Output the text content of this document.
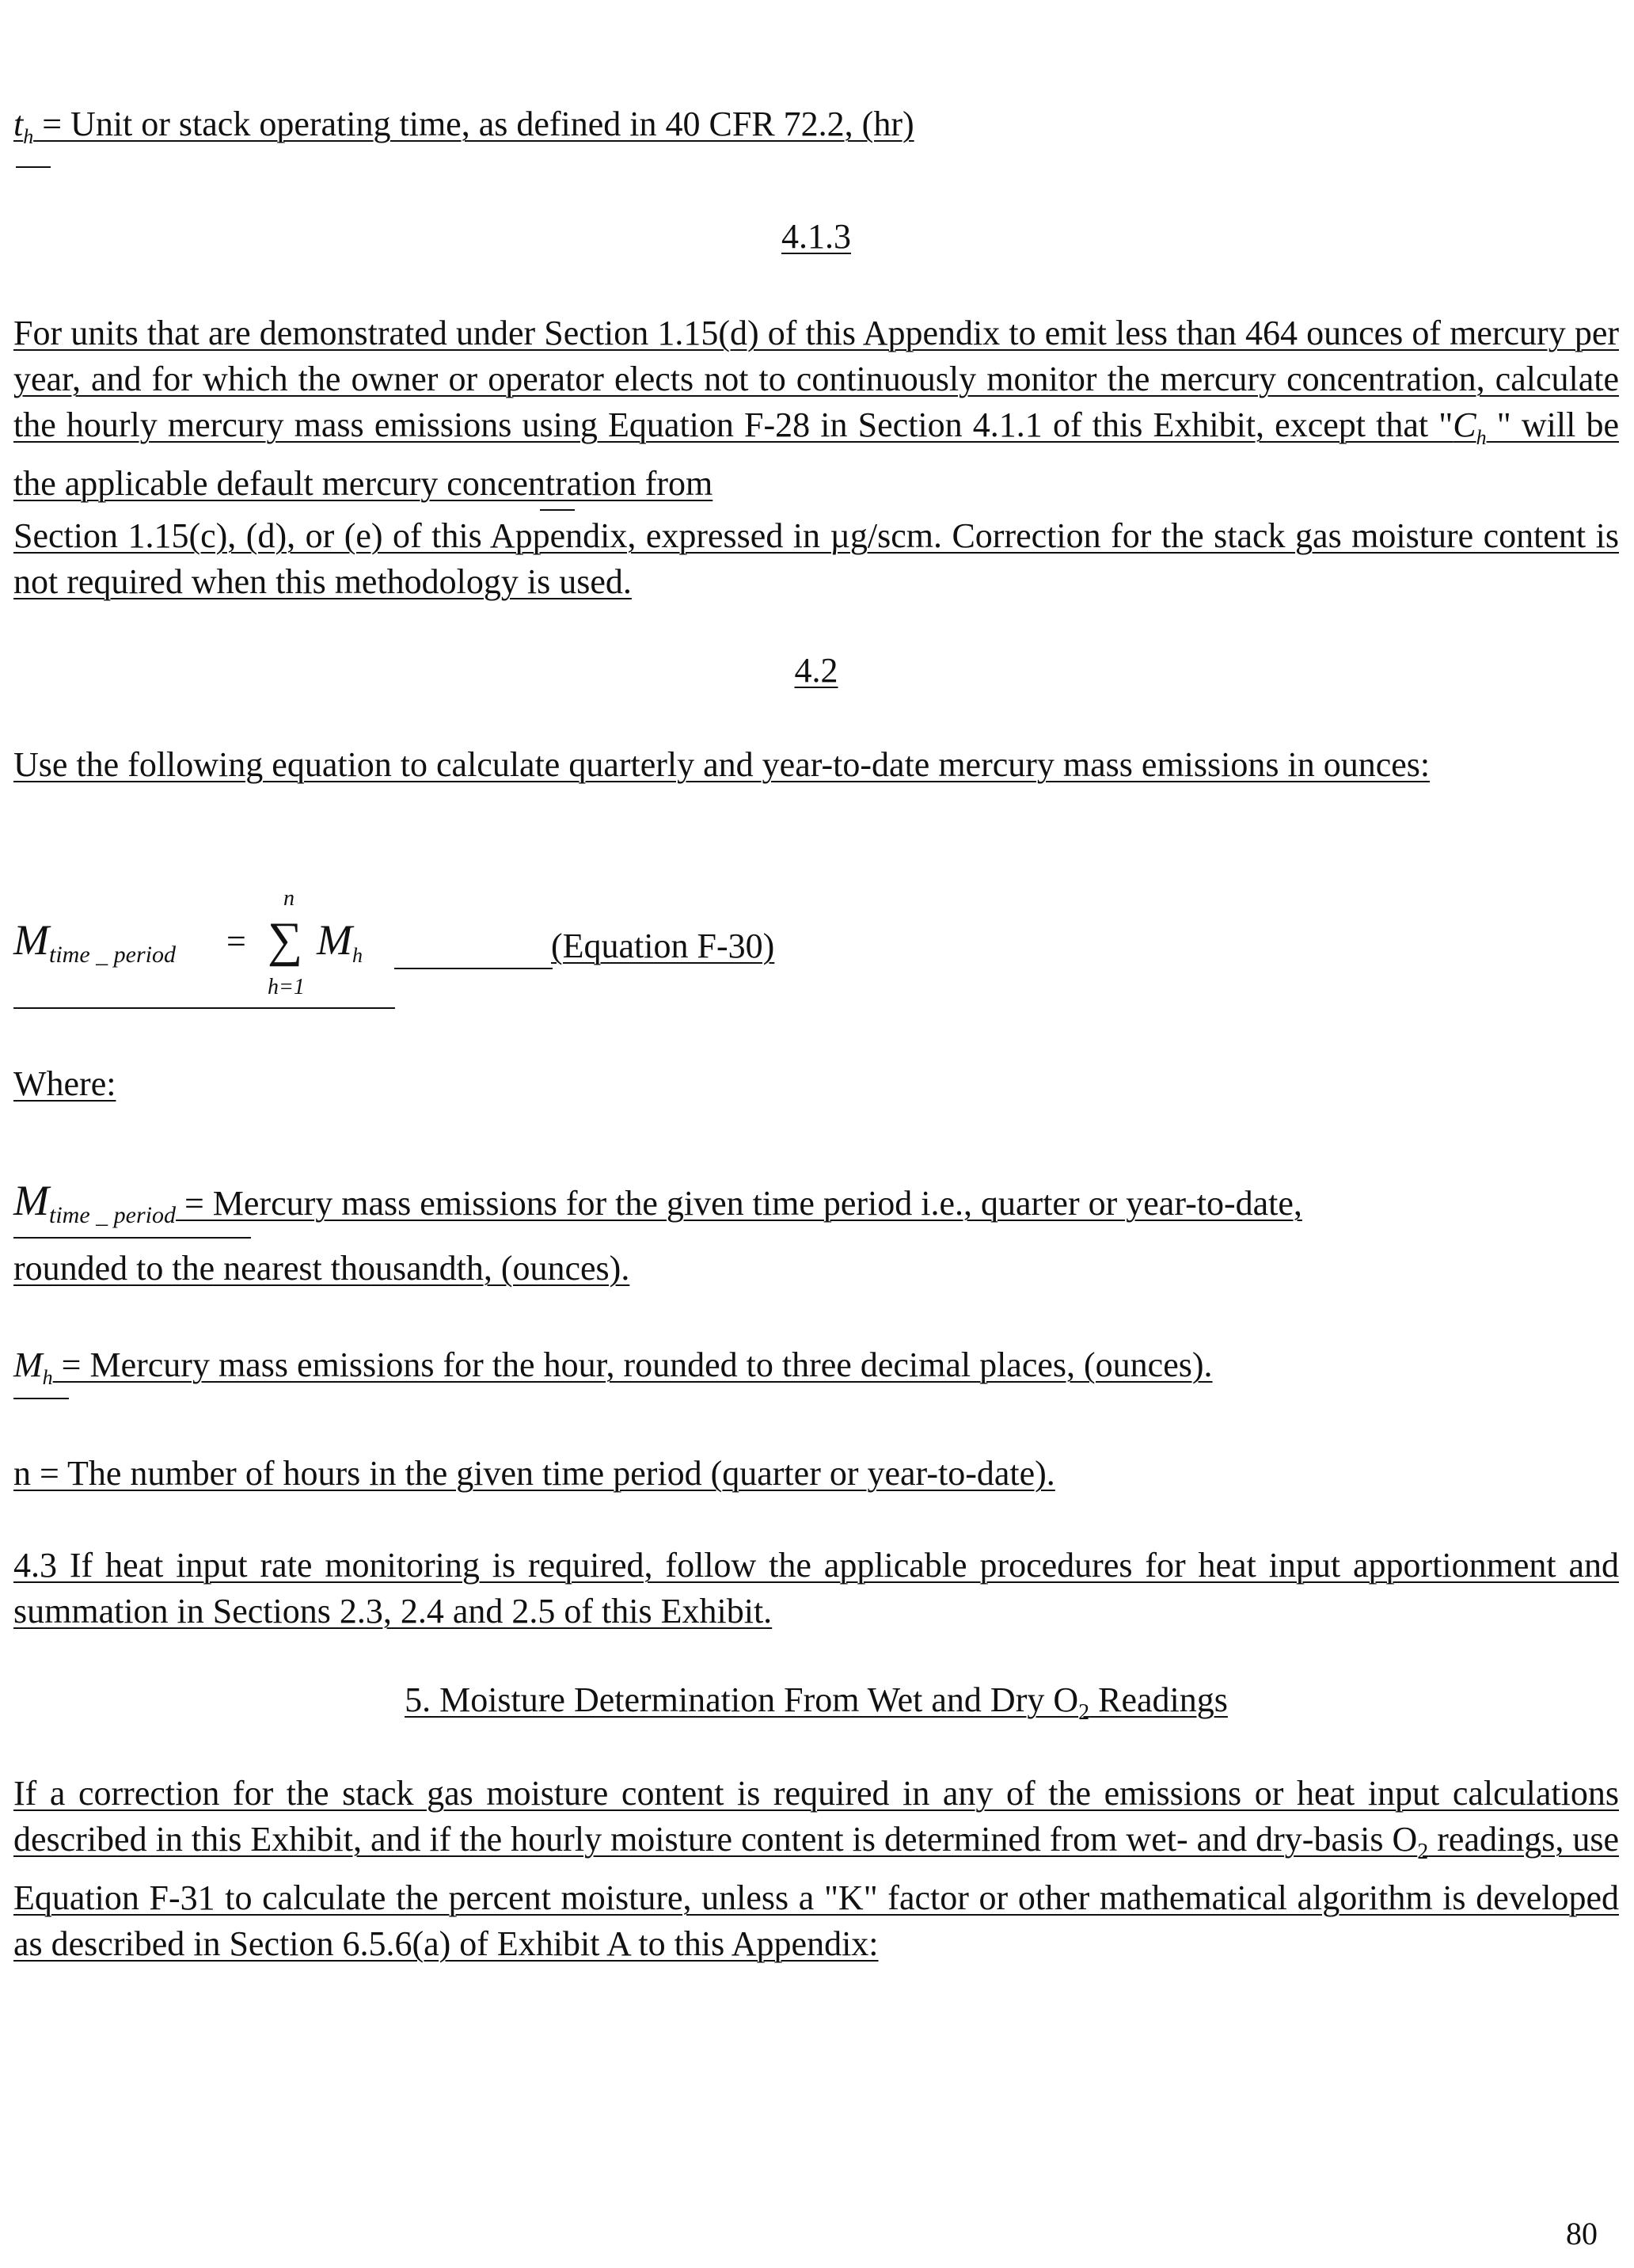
$t_h$ = Unit or stack operating time, as defined in 40 CFR 72.2, (hr)
4.1.3
For units that are demonstrated under Section 1.15(d) of this Appendix to emit less than 464 ounces of mercury per year, and for which the owner or operator elects not to continuously monitor the mercury concentration, calculate the hourly mercury mass emissions using Equation F-28 in Section 4.1.1 of this Exhibit, except that "$C_h$ " will be the applicable default mercury concentration from
Section 1.15(c), (d), or (e) of this Appendix, expressed in µg/scm. Correction for the stack gas moisture content is not required when this methodology is used.
4.2
Use the following equation to calculate quarterly and year-to-date mercury mass emissions in ounces:
$M_{time \_ period}$ =
n
∑
h=1
$M_h$	(Equation F-30)
Where:
$M_{time \_ period}$ = Mercury mass emissions for the given time period i.e., quarter or year-to-date,
rounded to the nearest thousandth, (ounces).
$M_h$ = Mercury mass emissions for the hour, rounded to three decimal places, (ounces).
n = The number of hours in the given time period (quarter or year-to-date).
4.3 If heat input rate monitoring is required, follow the applicable procedures for heat input apportionment and summation in Sections 2.3, 2.4 and 2.5 of this Exhibit.
5. Moisture Determination From Wet and Dry $O_2$ Readings
If a correction for the stack gas moisture content is required in any of the emissions or heat input calculations described in this Exhibit, and if the hourly moisture content is determined from wet- and dry-basis $O_2$ readings, use Equation F-31 to calculate the percent moisture, unless a "K" factor or other mathematical algorithm is developed as described in Section 6.5.6(a) of Exhibit A to this Appendix:
80
